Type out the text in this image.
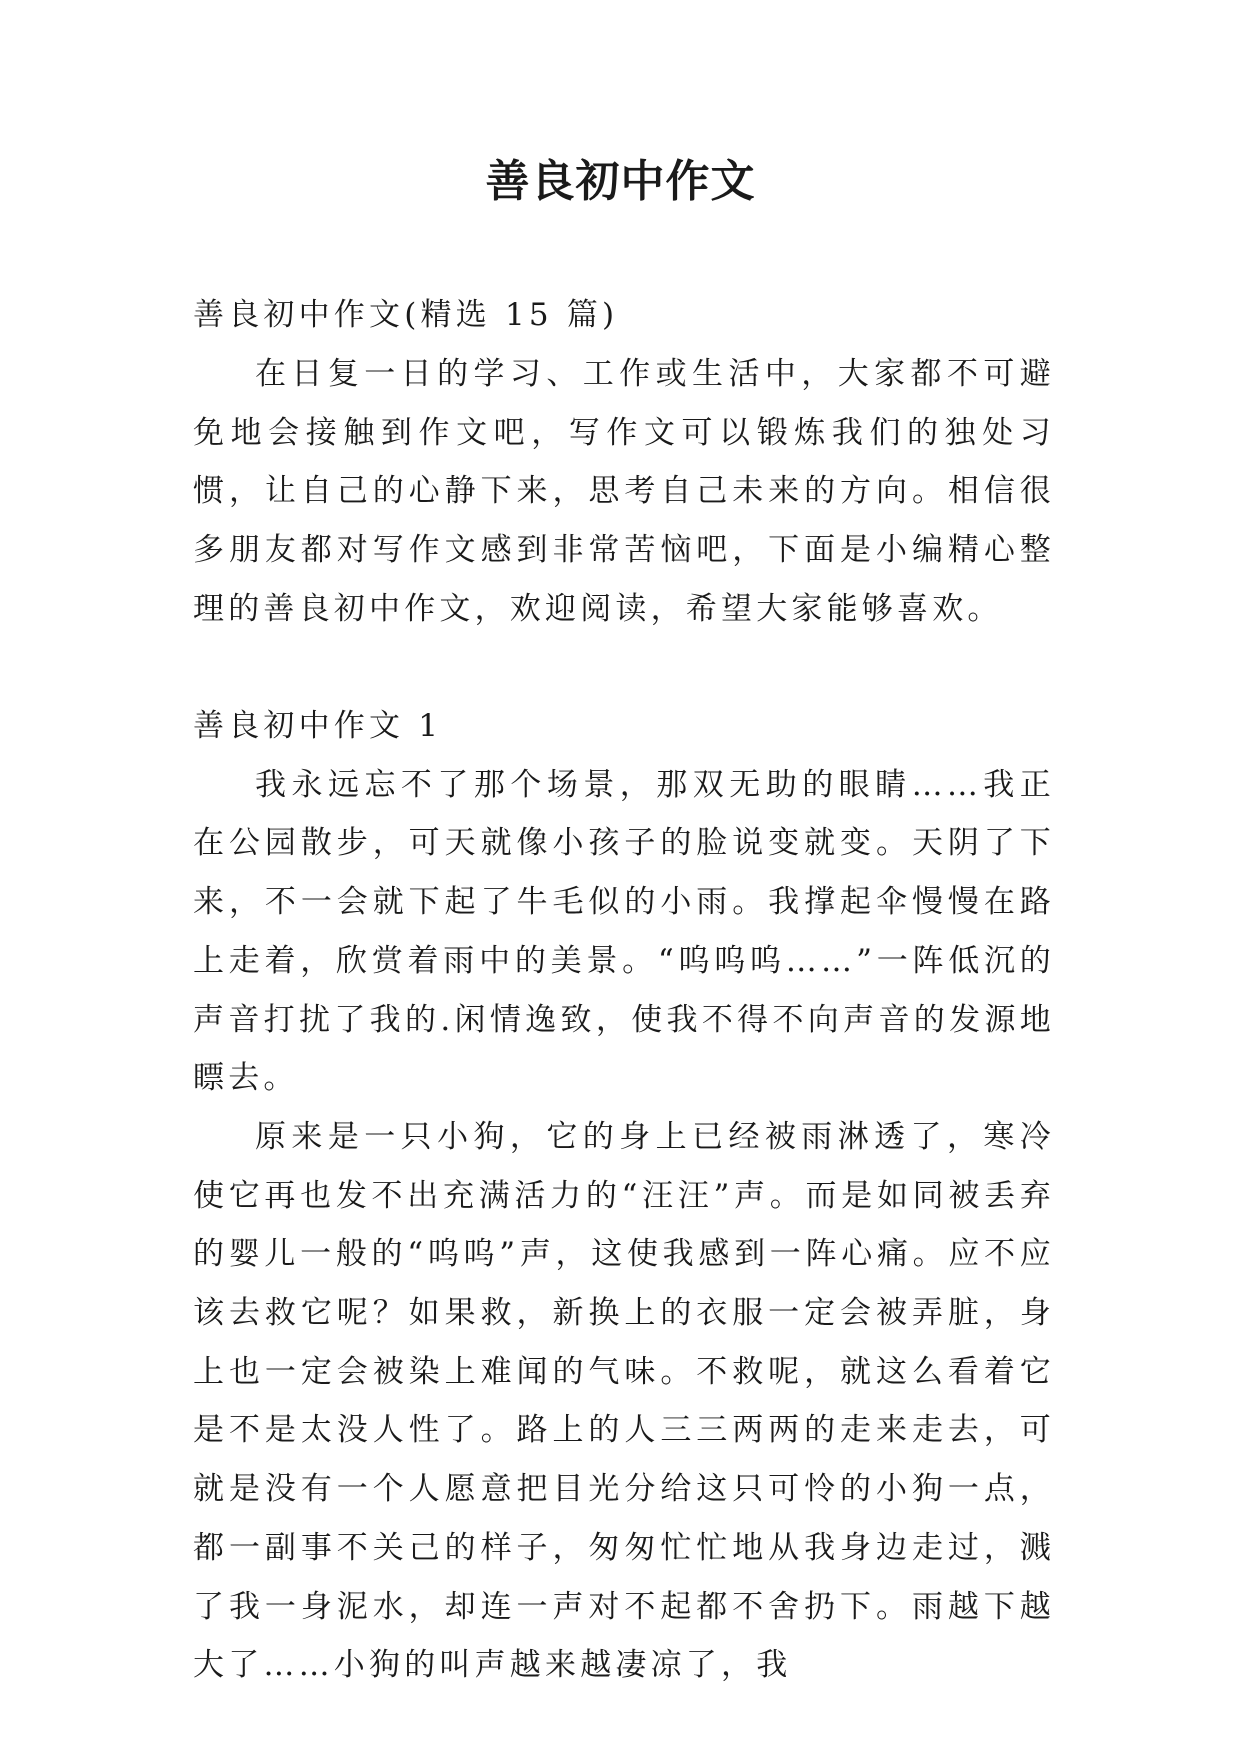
善良初中作文

善良初中作文(精选 15 篇)

在日复一日的学习、工作或生活中，大家都不可避免地会接触到作文吧，写作文可以锻炼我们的独处习惯，让自己的心静下来，思考自己未来的方向。相信很多朋友都对写作文感到非常苦恼吧，下面是小编精心整理的善良初中作文，欢迎阅读，希望大家能够喜欢。

善良初中作文 1

我永远忘不了那个场景，那双无助的眼睛……我正在公园散步，可天就像小孩子的脸说变就变。天阴了下来，不一会就下起了牛毛似的小雨。我撑起伞慢慢在路上走着，欣赏着雨中的美景。“呜呜呜……”一阵低沉的声音打扰了我的.闲情逸致，使我不得不向声音的发源地瞟去。

原来是一只小狗，它的身上已经被雨淋透了，寒冷使它再也发不出充满活力的“汪汪”声。而是如同被丢弃的婴儿一般的“呜呜”声，这使我感到一阵心痛。应不应该去救它呢？如果救，新换上的衣服一定会被弄脏，身上也一定会被染上难闻的气味。不救呢，就这么看着它是不是太没人性了。路上的人三三两两的走来走去，可就是没有一个人愿意把目光分给这只可怜的小狗一点，都一副事不关己的样子，匆匆忙忙地从我身边走过，溅了我一身泥水，却连一声对不起都不舍扔下。雨越下越大了……小狗的叫声越来越凄凉了，我
